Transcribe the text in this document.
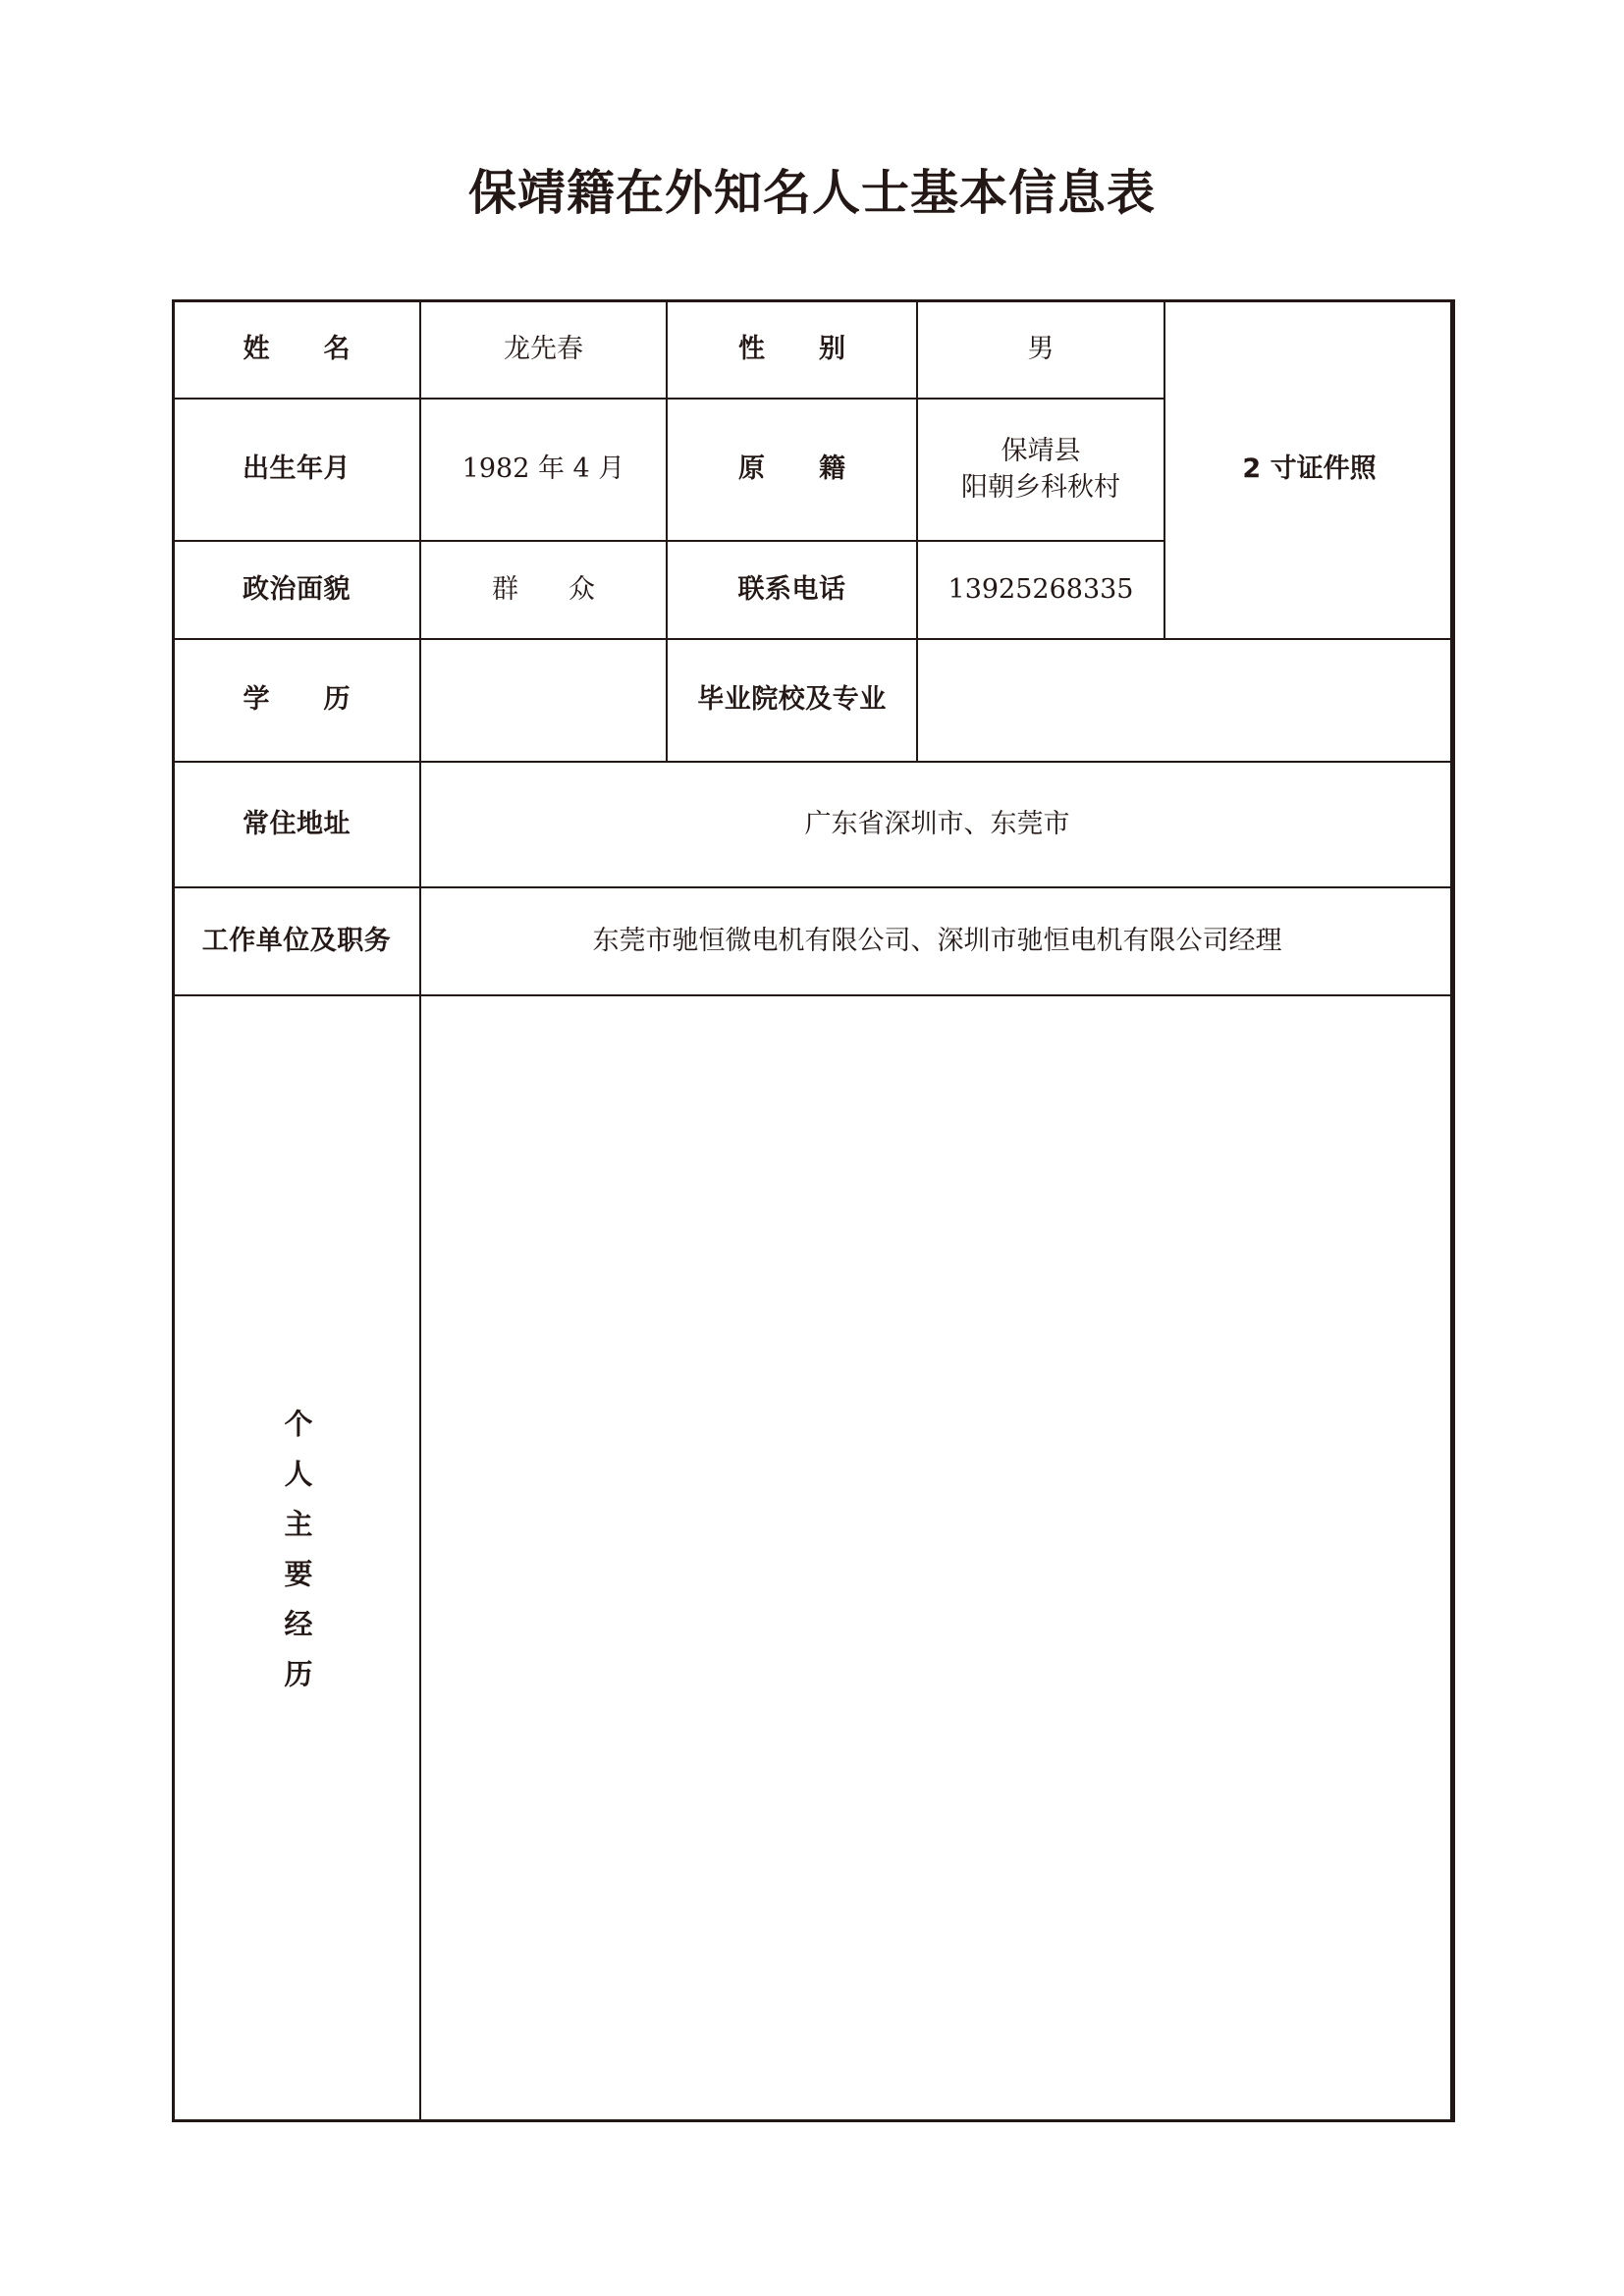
保靖籍在外知名人士基本信息表
姓　名	龙先春	性　别	男	2 寸证件照
出生年月	1982 年 4 月	原　籍	保靖县
阳朝乡科秋村	

政治面貌	群　众	联系电话	13925268335	
学　历		毕业院校及专业		
常住地址	广东省深圳市、东莞市			
工作单位及职务	东莞市驰恒微电机有限公司、深圳市驰恒电机有限公司经理			

个人主要经历				
